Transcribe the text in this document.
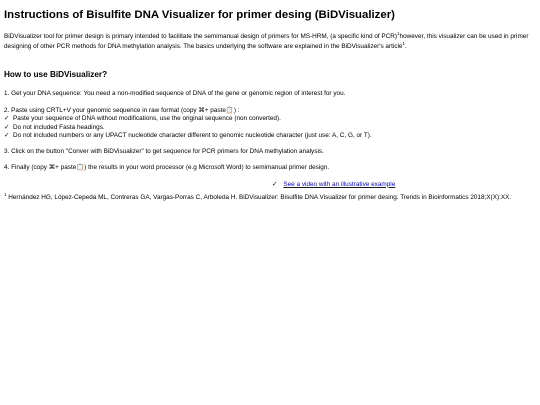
Instructions of Bisulfite DNA Visualizer for primer desing (BiDVisualizer)

BiDVisualizer tool for primer design is primary intended to facilitate the semimanual design of primers for MS-HRM, (a specific kind of PCR)$^1$however, this visualizer can be used in primer designing of other PCR methods for DNA methylation analysis. The basics underlying the software are explained in the BiDVisualizer's article$^1$.

How to use BiDVisualizer?

1. Get your DNA sequence: You need a non-modified sequence of DNA of the gene or genomic region of interest for you.

2. Paste using CRTL+V your genomic sequence in raw format (copy ⌘+ paste📋) :

✓ Paste your sequence of DNA without modifications, use the original sequence (non converted).
✓ Do not included Fasta headings.
✓ Do not included numbers or any UPACT nucleotide character different to genomic nucleotide character (just use: A, C, G, or T).

3. Click on the button "Conver with BiDVisualizer" to get sequence for PCR primers for DNA methylation analysis.

4. Finally (copy ⌘+ paste📋) the results in your word processor (e.g Microsoft Word) to semimanual primer design.

✓ See a video with an illustrative example

$^1$ Hernández HG, López-Cepeda ML, Contreras GA, Vargas-Porras C, Arboleda H. BiDVisualizer: Bisulfite DNA Visualizer for primer desing. Trends in Bioinformatics 2018;X(X):XX.
